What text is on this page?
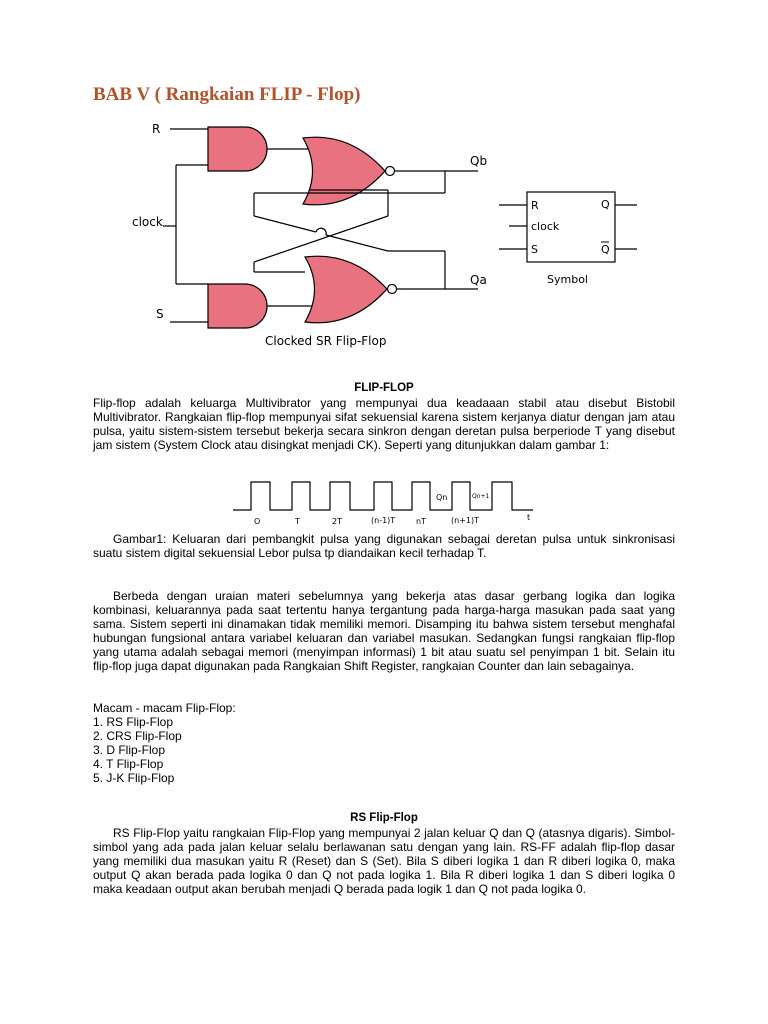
BAB V ( Rangkaian FLIP - Flop)
R
clock
S
Qb
Qa
Clocked SR Flip-Flop
R
clock
S
Q
Q
Symbol
FLIP-FLOP

Flip-flop adalah keluarga Multivibrator yang mempunyai dua keadaaan stabil atau disebut Bistobil Multivibrator. Rangkaian flip-flop mempunyai sifat sekuensial karena sistem kerjanya diatur dengan jam atau pulsa, yaitu sistem-sistem tersebut bekerja secara sinkron dengan deretan pulsa berperiode T yang disebut jam sistem (System Clock atau disingkat menjadi CK). Seperti yang ditunjukkan dalam gambar 1:

Qn	Qn+1
O	T	2T	(n-1)T	nT	(n+1)T	t

Gambar1: Keluaran dari pembangkit pulsa yang digunakan sebagai deretan pulsa untuk sinkronisasi suatu sistem digital sekuensial Lebor pulsa tp diandaikan kecil terhadap T.

Berbeda dengan uraian materi sebelumnya yang bekerja atas dasar gerbang logika dan logika kombinasi, keluarannya pada saat tertentu hanya tergantung pada harga-harga masukan pada saat yang sama. Sistem seperti ini dinamakan tidak memiliki memori. Disamping itu bahwa sistem tersebut menghafal hubungan fungsional antara variabel keluaran dan variabel masukan. Sedangkan fungsi rangkaian flip-flop yang utama adalah sebagai memori (menyimpan informasi) 1 bit atau suatu sel penyimpan 1 bit. Selain itu flip-flop juga dapat digunakan pada Rangkaian Shift Register, rangkaian Counter dan lain sebagainya.

Macam - macam Flip-Flop:
1. RS Flip-Flop
2. CRS Flip-Flop
3. D Flip-Flop
4. T Flip-Flop
5. J-K Flip-Flop
RS Flip-Flop

RS Flip-Flop yaitu rangkaian Flip-Flop yang mempunyai 2 jalan keluar Q dan Q (atasnya digaris). Simbol-simbol yang ada pada jalan keluar selalu berlawanan satu dengan yang lain. RS-FF adalah flip-flop dasar yang memiliki dua masukan yaitu R (Reset) dan S (Set). Bila S diberi logika 1 dan R diberi logika 0, maka output Q akan berada pada logika 0 dan Q not pada logika 1. Bila R diberi logika 1 dan S diberi logika 0 maka keadaan output akan berubah menjadi Q berada pada logik 1 dan Q not pada logika 0.
